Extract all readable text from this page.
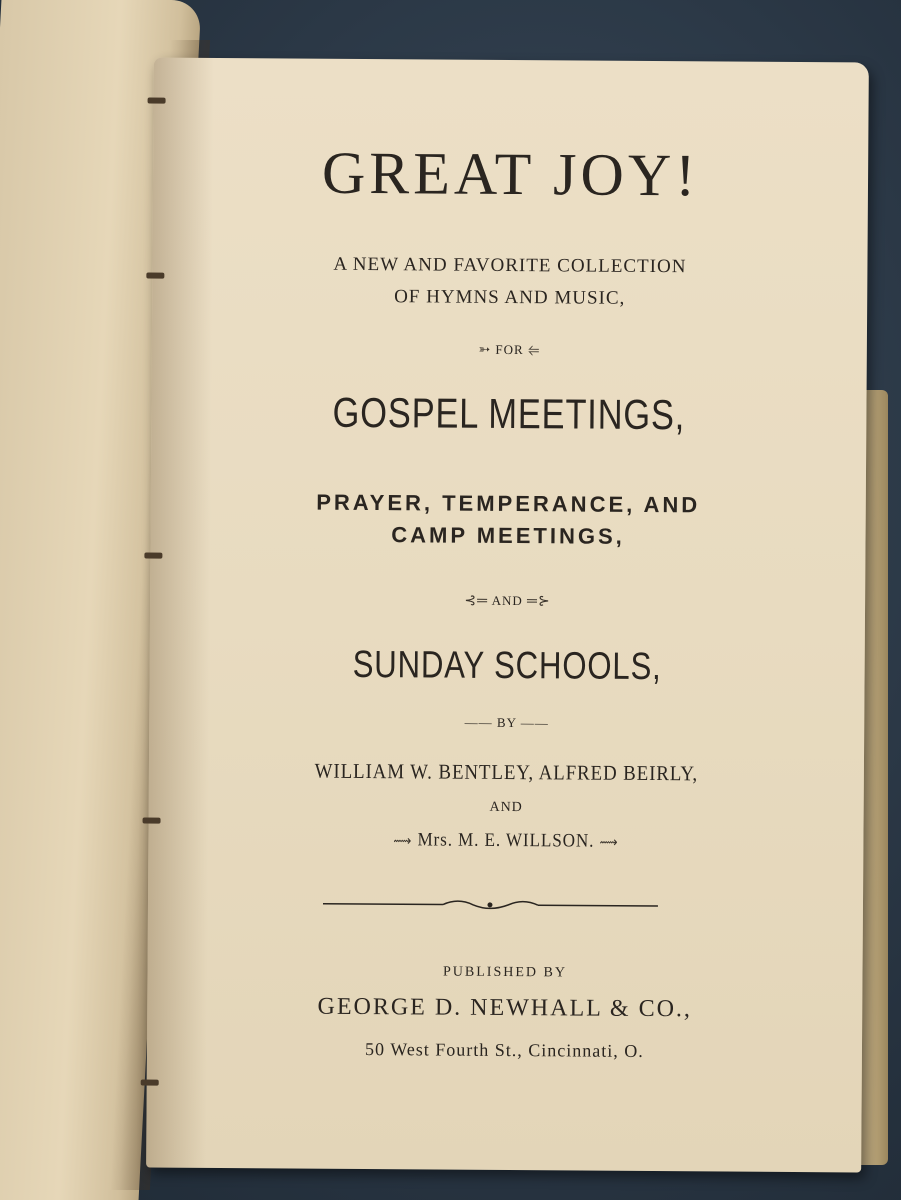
GREAT JOY!
A NEW AND FAVORITE COLLECTION
OF HYMNS AND MUSIC,
➳ FOR ⥢
GOSPEL MEETINGS,
PRAYER, TEMPERANCE, AND
CAMP MEETINGS,
⊰═ AND ═⊱
SUNDAY SCHOOLS,
—— BY ——
WILLIAM W. BENTLEY, ALFRED BEIRLY,
AND
⟿ Mrs. M. E. WILLSON. ⟿
PUBLISHED BY
GEORGE D. NEWHALL & CO.,
50 West Fourth St., Cincinnati, O.
